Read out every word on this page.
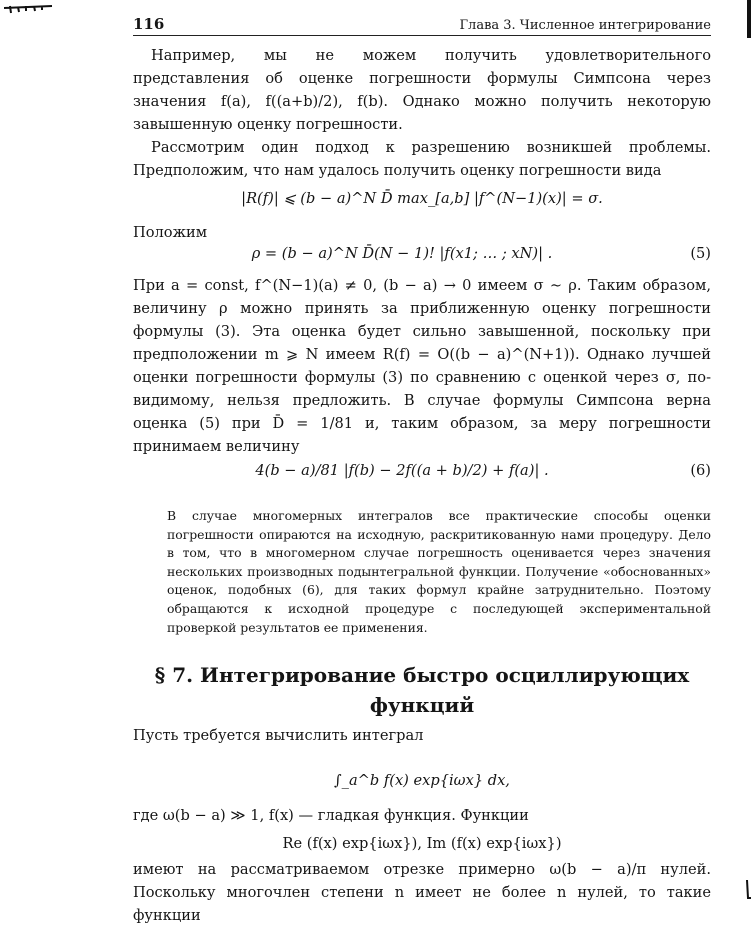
116	Глава 3. Численное интегрирование
Например, мы не можем получить удовлетворительного представления об оценке погрешности формулы Симпсона через значения f(a), f((a+b)/2), f(b). Однако можно получить некоторую завышенную оценку погрешности.
Рассмотрим один подход к разрешению возникшей проблемы. Предположим, что нам удалось получить оценку погрешности вида
|R(f)| ⩽ (b − a)^N D̄ max_[a,b] |f^(N−1)(x)| = σ.
Положим
ρ = (b − a)^N D̄(N − 1)! |f(x1; … ; xN)| .	(5)
При a = const, f^(N−1)(a) ≠ 0, (b − a) → 0 имеем σ ∼ ρ. Таким образом, величину ρ можно принять за приближенную оценку погрешности формулы (3). Эта оценка будет сильно завышенной, поскольку при предположении m ⩾ N имеем R(f) = O((b − a)^(N+1)). Однако лучшей оценки погрешности формулы (3) по сравнению с оценкой через σ, по-видимому, нельзя предложить. В случае формулы Симпсона верна оценка (5) при D̄ = 1/81 и, таким образом, за меру погрешности принимаем величину
4(b − a)/81 |f(b) − 2f((a + b)/2) + f(a)| .	(6)
В случае многомерных интегралов все практические способы оценки погрешности опираются на исходную, раскритикованную нами процедуру. Дело в том, что в многомерном случае погрешность оценивается через значения нескольких производных подынтегральной функции. Получение «обоснованных» оценок, подобных (6), для таких формул крайне затруднительно. Поэтому обращаются к исходной процедуре с последующей экспериментальной проверкой результатов ее применения.
§ 7. Интегрирование быстро осциллирующих
функций
Пусть требуется вычислить интеграл
∫_a^b f(x) exp{iωx} dx,
где ω(b − a) ≫ 1, f(x) — гладкая функция. Функции
Re (f(x) exp{iωx}), Im (f(x) exp{iωx})
имеют на рассматриваемом отрезке примерно ω(b − a)/π нулей. Поскольку многочлен степени n имеет не более n нулей, то такие функции
